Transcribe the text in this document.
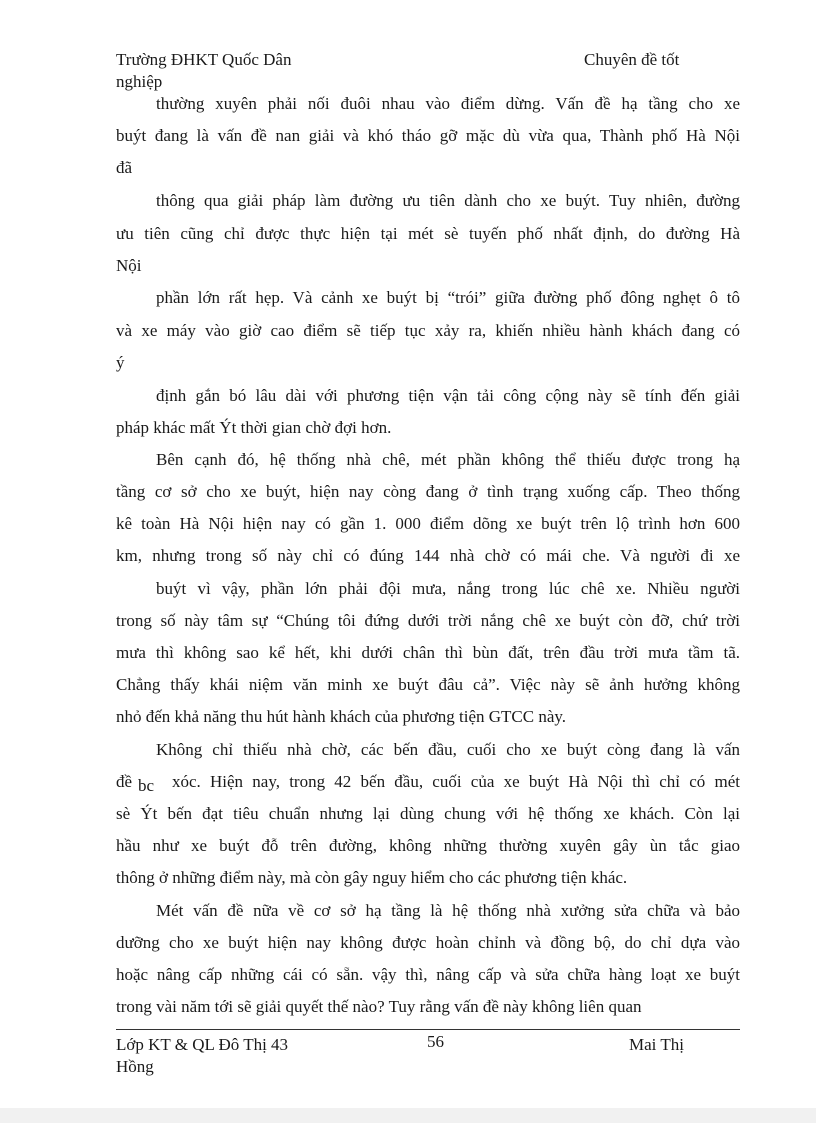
Trường ĐHKT Quốc Dân	Chuyên đề tốt
nghiệp
thường xuyên phải nối đuôi nhau vào điểm dừng. Vấn đề hạ tầng cho xe
buýt đang là vấn đề nan giải và khó tháo gỡ mặc dù vừa qua, Thành phố Hà Nội
đã
thông qua giải pháp làm đường ưu tiên dành cho xe buýt. Tuy nhiên, đường
ưu tiên cũng chỉ được thực hiện tại mét sè tuyến phố nhất định, do đường Hà
Nội
phần lớn rất hẹp. Và cảnh xe buýt bị “trói” giữa đường phố đông nghẹt ô tô
và xe máy vào giờ cao điểm sẽ tiếp tục xảy ra, khiến nhiều hành khách đang có
ý
định gắn bó lâu dài với phương tiện vận tải công cộng này sẽ tính đến giải
pháp khác mất Ýt thời gian chờ đợi hơn.
Bên cạnh đó, hệ thống nhà chê, mét phần không thể thiếu được trong hạ
tầng cơ sở cho xe buýt, hiện nay còng đang ở tình trạng xuống cấp. Theo thống
kê toàn Hà Nội hiện nay có gần 1. 000 điểm dõng xe buýt trên lộ trình hơn 600
km, nhưng trong số này chỉ có đúng 144 nhà chờ có mái che. Và người đi xe
buýt vì vậy, phần lớn phải đội mưa, nắng trong lúc chê xe. Nhiều người
trong số này tâm sự “Chúng tôi đứng dưới trời nắng chê xe buýt còn đỡ, chứ trời
mưa thì không sao kể hết, khi dưới chân thì bùn đất, trên đầu trời mưa tầm tã.
Chẳng thấy khái niệm văn minh xe buýt đâu cả”. Việc này sẽ ảnh hưởng không
nhỏ đến khả năng thu hút hành khách của phương tiện GTCC này.
Không chỉ thiếu nhà chờ, các bến đầu, cuối cho xe buýt còng đang là vấn
đề bc	xóc. Hiện nay, trong 42 bến đầu, cuối của xe buýt Hà Nội thì chỉ có mét
sè Ýt bến đạt tiêu chuẩn nhưng lại dùng chung với hệ thống xe khách. Còn lại
hầu như xe buýt đỗ trên đường, không những thường xuyên gây ùn tắc giao
thông ở những điểm này, mà còn gây nguy hiểm cho các phương tiện khác.
Mét vấn đề nữa về cơ sở hạ tầng là hệ thống nhà xưởng sửa chữa và bảo
dưỡng cho xe buýt hiện nay không được hoàn chỉnh và đồng bộ, do chỉ dựa vào
hoặc nâng cấp những cái có sẵn. vậy thì, nâng cấp và sửa chữa hàng loạt xe buýt
trong vài năm tới sẽ giải quyết thế nào? Tuy rằng vấn đề này không liên quan
Lớp KT & QL Đô Thị 43	56	Mai Thị
Hồng
